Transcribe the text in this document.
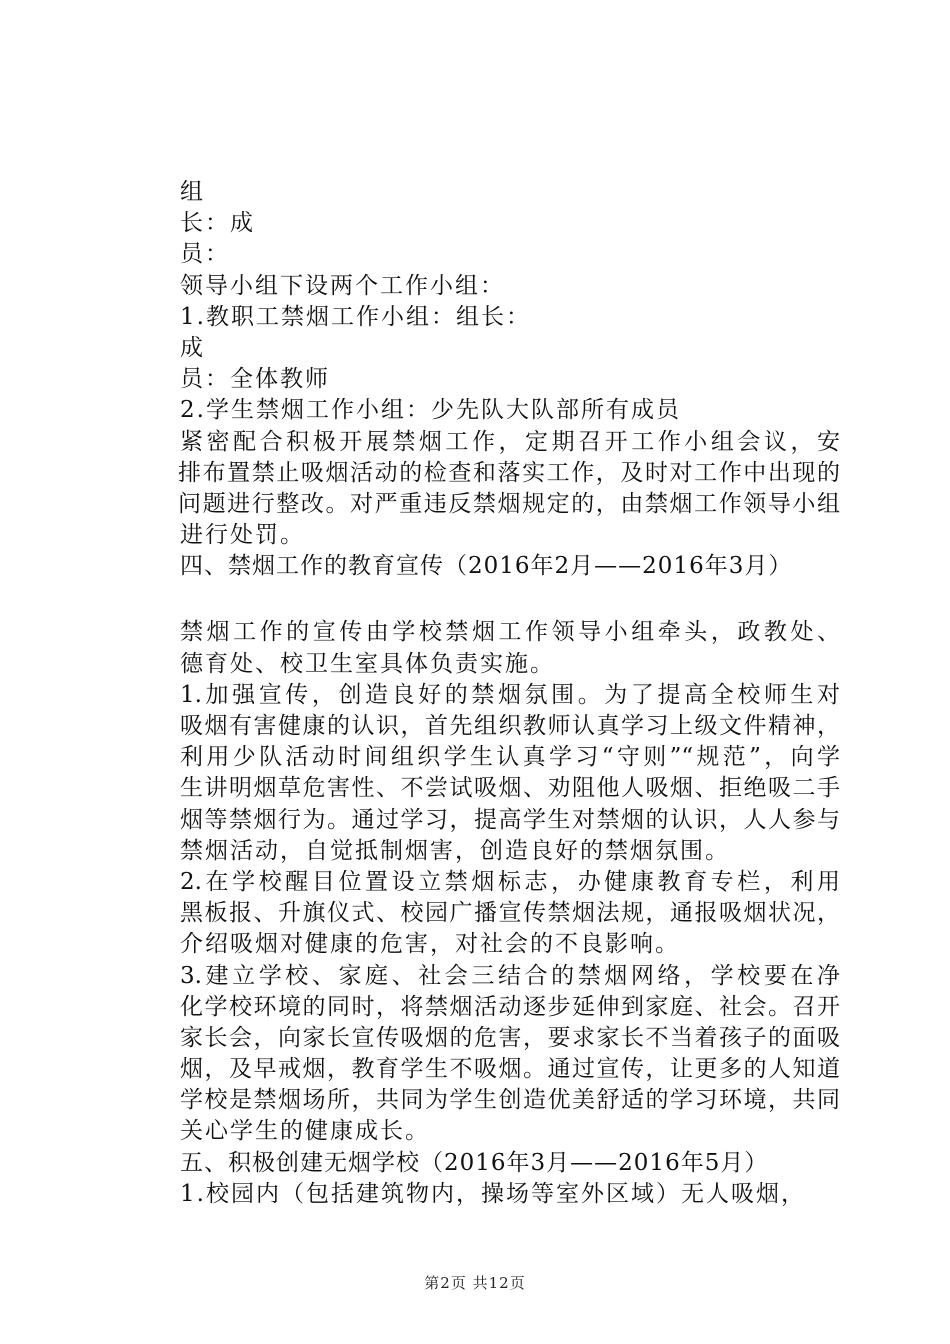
组
长：成
员：
领导小组下设两个工作小组：
1.教职工禁烟工作小组：组长：
成
员：全体教师
2.学生禁烟工作小组：少先队大队部所有成员
紧密配合积极开展禁烟工作，定期召开工作小组会议，安
排布置禁止吸烟活动的检查和落实工作，及时对工作中出现的
问题进行整改。对严重违反禁烟规定的，由禁烟工作领导小组
进行处罚。
四、禁烟工作的教育宣传（2016年2月——2016年3月）
禁烟工作的宣传由学校禁烟工作领导小组牵头，政教处、
德育处、校卫生室具体负责实施。
1.加强宣传，创造良好的禁烟氛围。为了提高全校师生对
吸烟有害健康的认识，首先组织教师认真学习上级文件精神，
利用少队活动时间组织学生认真学习“守则”“规范”，向学
生讲明烟草危害性、不尝试吸烟、劝阻他人吸烟、拒绝吸二手
烟等禁烟行为。通过学习，提高学生对禁烟的认识，人人参与
禁烟活动，自觉抵制烟害，创造良好的禁烟氛围。
2.在学校醒目位置设立禁烟标志，办健康教育专栏，利用
黑板报、升旗仪式、校园广播宣传禁烟法规，通报吸烟状况，
介绍吸烟对健康的危害，对社会的不良影响。
3.建立学校、家庭、社会三结合的禁烟网络，学校要在净
化学校环境的同时，将禁烟活动逐步延伸到家庭、社会。召开
家长会，向家长宣传吸烟的危害，要求家长不当着孩子的面吸
烟，及早戒烟，教育学生不吸烟。通过宣传，让更多的人知道
学校是禁烟场所，共同为学生创造优美舒适的学习环境，共同
关心学生的健康成长。
五、积极创建无烟学校（2016年3月——2016年5月）
1.校园内（包括建筑物内，操场等室外区域）无人吸烟，
第2页 共12页
